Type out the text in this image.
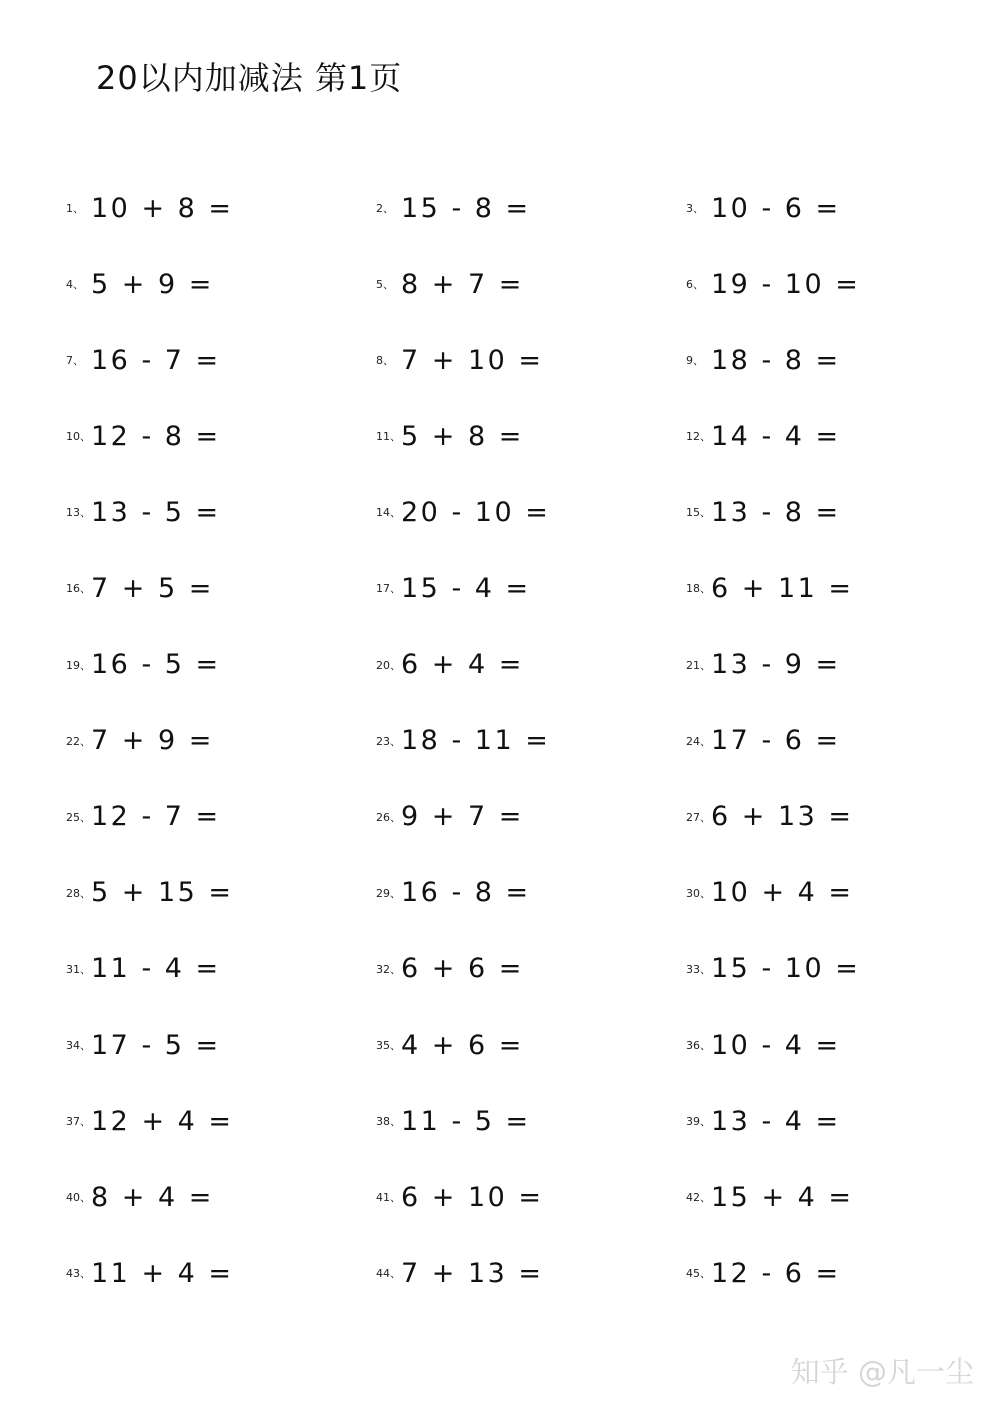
20以内加减法 第1页
1、 10 + 8 =	2、 15 - 8 =	3、 10 - 6 =
4、 5 + 9 =	5、 8 + 7 =	6、 19 - 10 =
7、 16 - 7 =	8、 7 + 10 =	9、 18 - 8 =
10、 12 - 8 =	11、 5 + 8 =	12、 14 - 4 =
13、 13 - 5 =	14、 20 - 10 =	15、 13 - 8 =
16、 7 + 5 =	17、 15 - 4 =	18、 6 + 11 =
19、 16 - 5 =	20、 6 + 4 =	21、 13 - 9 =
22、 7 + 9 =	23、 18 - 11 =	24、 17 - 6 =
25、 12 - 7 =	26、 9 + 7 =	27、 6 + 13 =
28、 5 + 15 =	29、 16 - 8 =	30、 10 + 4 =
31、 11 - 4 =	32、 6 + 6 =	33、 15 - 10 =
34、 17 - 5 =	35、 4 + 6 =	36、 10 - 4 =
37、 12 + 4 =	38、 11 - 5 =	39、 13 - 4 =
40、 8 + 4 =	41、 6 + 10 =	42、 15 + 4 =
43、 11 + 4 =	44、 7 + 13 =	45、 12 - 6 =
知乎 @凡一尘
